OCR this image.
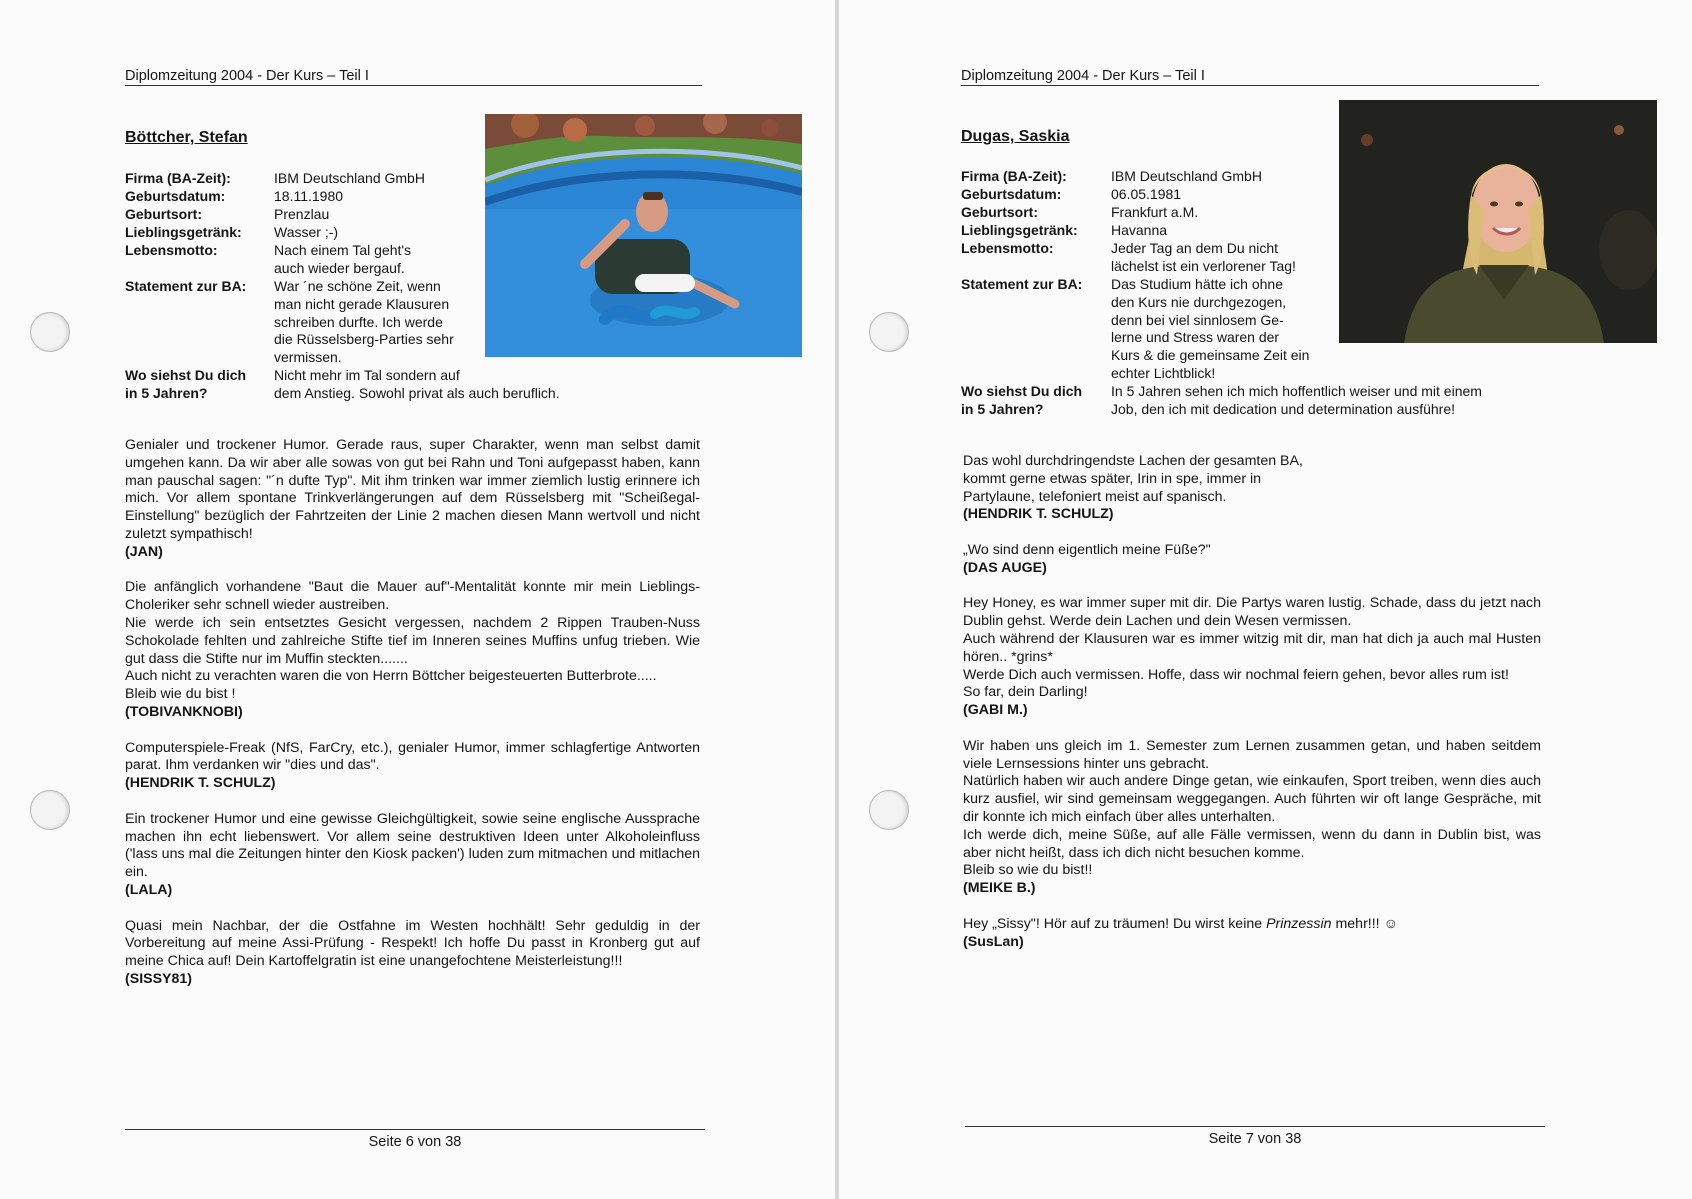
Diplomzeitung 2004 - Der Kurs – Teil I
Böttcher, Stefan
Firma (BA-Zeit):	IBM Deutschland GmbH
Geburtsdatum:	18.11.1980
Geburtsort:	Prenzlau
Lieblingsgetränk: Wasser ;-)
Lebensmotto:	Nach einem Tal geht's
auch wieder bergauf.
Statement zur BA: War ´ne schöne Zeit, wenn
man nicht gerade Klausuren
schreiben durfte. Ich werde
die Rüsselsberg-Parties sehr
vermissen.
Wo siehst Du dich
in 5 Jahren?
Nicht mehr im Tal sondern auf
dem Anstieg. Sowohl privat als auch beruflich.

Genialer und trockener Humor. Gerade raus, super Charakter, wenn man selbst damit umgehen kann. Da wir aber alle sowas von gut bei Rahn und Toni aufgepasst haben, kann man pauschal sagen: "´n dufte Typ". Mit ihm trinken war immer ziemlich lustig erinnere ich mich. Vor allem spontane Trinkverlängerungen auf dem Rüsselsberg mit "Scheißegal-Einstellung" bezüglich der Fahrtzeiten der Linie 2 machen diesen Mann wertvoll und nicht zuletzt sympathisch!
(JAN)

Die anfänglich vorhandene "Baut die Mauer auf"-Mentalität konnte mir mein Lieblings-Choleriker sehr schnell wieder austreiben.
Nie werde ich sein entsetztes Gesicht vergessen, nachdem 2 Rippen Trauben-Nuss Schokolade fehlten und zahlreiche Stifte tief im Inneren seines Muffins unfug trieben. Wie gut dass die Stifte nur im Muffin steckten.......
Auch nicht zu verachten waren die von Herrn Böttcher beigesteuerten Butterbrote.....
Bleib wie du bist !
(TOBIVANKNOBI)

Computerspiele-Freak (NfS, FarCry, etc.), genialer Humor, immer schlagfertige Antworten parat. Ihm verdanken wir "dies und das".
(HENDRIK T. SCHULZ)

Ein trockener Humor und eine gewisse Gleichgültigkeit, sowie seine englische Aussprache machen ihn echt liebenswert. Vor allem seine destruktiven Ideen unter Alkoholeinfluss ('lass uns mal die Zeitungen hinter den Kiosk packen') luden zum mitmachen und mitlachen ein.
(LALA)

Quasi mein Nachbar, der die Ostfahne im Westen hochhält! Sehr geduldig in der Vorbereitung auf meine Assi-Prüfung - Respekt! Ich hoffe Du passt in Kronberg gut auf meine Chica auf! Dein Kartoffelgratin ist eine unangefochtene Meisterleistung!!!
(SISSY81)

Seite 6 von 38
Diplomzeitung 2004 - Der Kurs – Teil I
Dugas, Saskia
Firma (BA-Zeit):	IBM Deutschland GmbH
Geburtsdatum:	06.05.1981
Geburtsort:	Frankfurt a.M.
Lieblingsgetränk: Havanna
Lebensmotto:	Jeder Tag an dem Du nicht
lächelst ist ein verlorener Tag!
Statement zur BA: Das Studium hätte ich ohne
den Kurs nie durchgezogen,
denn bei viel sinnlosem Ge-
lerne und Stress waren der
Kurs & die gemeinsame Zeit ein
echter Lichtblick!
Wo siehst Du dich
in 5 Jahren?
In 5 Jahren sehen ich mich hoffentlich weiser und mit einem
Job, den ich mit dedication und determination ausführe!

Das wohl durchdringendste Lachen der gesamten BA,
kommt gerne etwas später, Irin in spe, immer in
Partylaune, telefoniert meist auf spanisch.
(HENDRIK T. SCHULZ)

„Wo sind denn eigentlich meine Füße?"
(DAS AUGE)

Hey Honey, es war immer super mit dir. Die Partys waren lustig. Schade, dass du jetzt nach Dublin gehst. Werde dein Lachen und dein Wesen vermissen.
Auch während der Klausuren war es immer witzig mit dir, man hat dich ja auch mal Husten hören.. *grins*
Werde Dich auch vermissen. Hoffe, dass wir nochmal feiern gehen, bevor alles rum ist!
So far, dein Darling!
(GABI M.)

Wir haben uns gleich im 1. Semester zum Lernen zusammen getan, und haben seitdem viele Lernsessions hinter uns gebracht.
Natürlich haben wir auch andere Dinge getan, wie einkaufen, Sport treiben, wenn dies auch kurz ausfiel, wir sind gemeinsam weggegangen. Auch führten wir oft lange Gespräche, mit dir konnte ich mich einfach über alles unterhalten.
Ich werde dich, meine Süße, auf alle Fälle vermissen, wenn du dann in Dublin bist, was aber nicht heißt, dass ich dich nicht besuchen komme.
Bleib so wie du bist!!
(MEIKE B.)

Hey „Sissy"! Hör auf zu träumen! Du wirst keine Prinzessin mehr!!! ☺
(SusLan)

Seite 7 von 38
